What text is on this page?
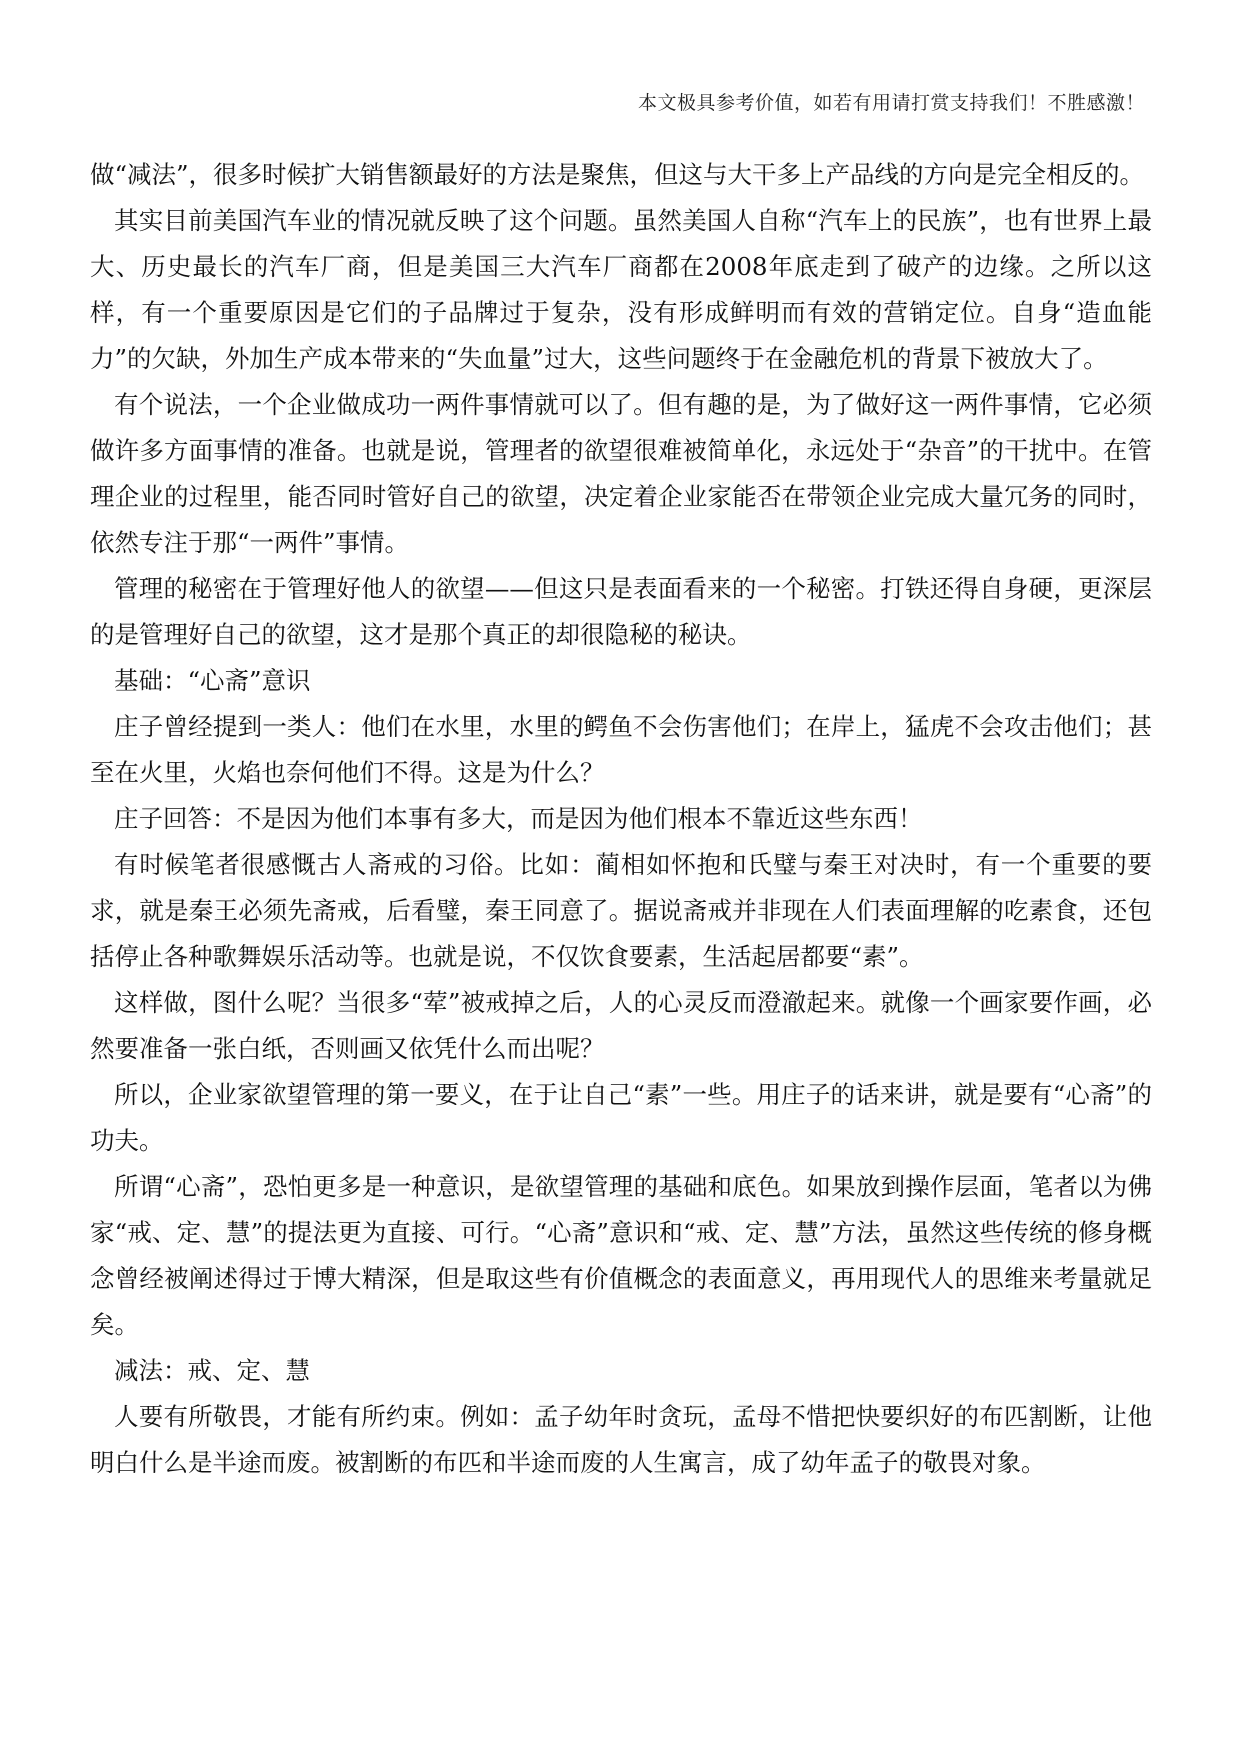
本文极具参考价值，如若有用请打赏支持我们！不胜感激！

做“减法”，很多时候扩大销售额最好的方法是聚焦，但这与大干多上产品线的方向是完全相反的。

其实目前美国汽车业的情况就反映了这个问题。虽然美国人自称“汽车上的民族”，也有世界上最大、历史最长的汽车厂商，但是美国三大汽车厂商都在2008年底走到了破产的边缘。之所以这样，有一个重要原因是它们的子品牌过于复杂，没有形成鲜明而有效的营销定位。自身“造血能力”的欠缺，外加生产成本带来的“失血量”过大，这些问题终于在金融危机的背景下被放大了。

有个说法，一个企业做成功一两件事情就可以了。但有趣的是，为了做好这一两件事情，它必须做许多方面事情的准备。也就是说，管理者的欲望很难被简单化，永远处于“杂音”的干扰中。在管理企业的过程里，能否同时管好自己的欲望，决定着企业家能否在带领企业完成大量冗务的同时，依然专注于那“一两件”事情。

管理的秘密在于管理好他人的欲望——但这只是表面看来的一个秘密。打铁还得自身硬，更深层的是管理好自己的欲望，这才是那个真正的却很隐秘的秘诀。

基础：“心斋”意识

庄子曾经提到一类人：他们在水里，水里的鳄鱼不会伤害他们；在岸上，猛虎不会攻击他们；甚至在火里，火焰也奈何他们不得。这是为什么？

庄子回答：不是因为他们本事有多大，而是因为他们根本不靠近这些东西！

有时候笔者很感慨古人斋戒的习俗。比如：蔺相如怀抱和氏璧与秦王对决时，有一个重要的要求，就是秦王必须先斋戒，后看璧，秦王同意了。据说斋戒并非现在人们表面理解的吃素食，还包括停止各种歌舞娱乐活动等。也就是说，不仅饮食要素，生活起居都要“素”。

这样做，图什么呢？当很多“荤”被戒掉之后，人的心灵反而澄澈起来。就像一个画家要作画，必然要准备一张白纸，否则画又依凭什么而出呢？

所以，企业家欲望管理的第一要义，在于让自己“素”一些。用庄子的话来讲，就是要有“心斋”的功夫。

所谓“心斋”，恐怕更多是一种意识，是欲望管理的基础和底色。如果放到操作层面，笔者以为佛家“戒、定、慧”的提法更为直接、可行。“心斋”意识和“戒、定、慧”方法，虽然这些传统的修身概念曾经被阐述得过于博大精深，但是取这些有价值概念的表面意义，再用现代人的思维来考量就足矣。

减法：戒、定、慧

人要有所敬畏，才能有所约束。例如：孟子幼年时贪玩，孟母不惜把快要织好的布匹割断，让他明白什么是半途而废。被割断的布匹和半途而废的人生寓言，成了幼年孟子的敬畏对象。
